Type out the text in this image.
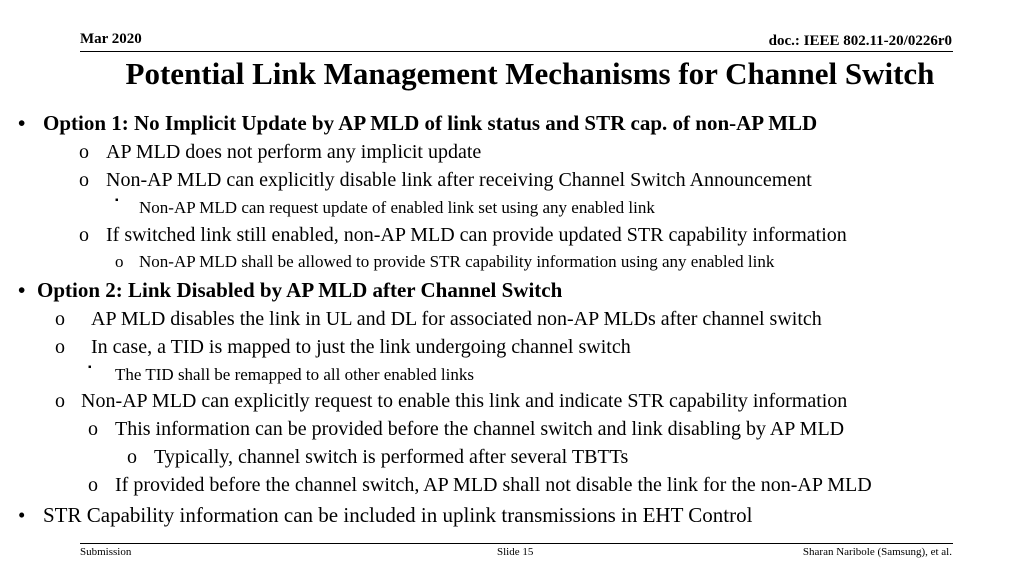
Mar 2020	doc.: IEEE 802.11-20/0226r0
Potential Link Management Mechanisms for Channel Switch
• Option 1: No Implicit Update by AP MLD of link status and STR cap. of non-AP MLD
o AP MLD does not perform any implicit update
o Non-AP MLD can explicitly disable link after receiving Channel Switch Announcement
▪ Non-AP MLD can request update of enabled link set using any enabled link
o If switched link still enabled, non-AP MLD can provide updated STR capability information
o Non-AP MLD shall be allowed to provide STR capability information using any enabled link
• Option 2: Link Disabled by AP MLD after Channel Switch
o AP MLD disables the link in UL and DL for associated non-AP MLDs after channel switch
o In case, a TID is mapped to just the link undergoing channel switch
▪ The TID shall be remapped to all other enabled links
o Non-AP MLD can explicitly request to enable this link and indicate STR capability information
o This information can be provided before the channel switch and link disabling by AP MLD
o Typically, channel switch is performed after several TBTTs
o If provided before the channel switch, AP MLD shall not disable the link for the non-AP MLD
• STR Capability information can be included in uplink transmissions in EHT Control
Submission	Slide 15	Sharan Naribole (Samsung), et al.
